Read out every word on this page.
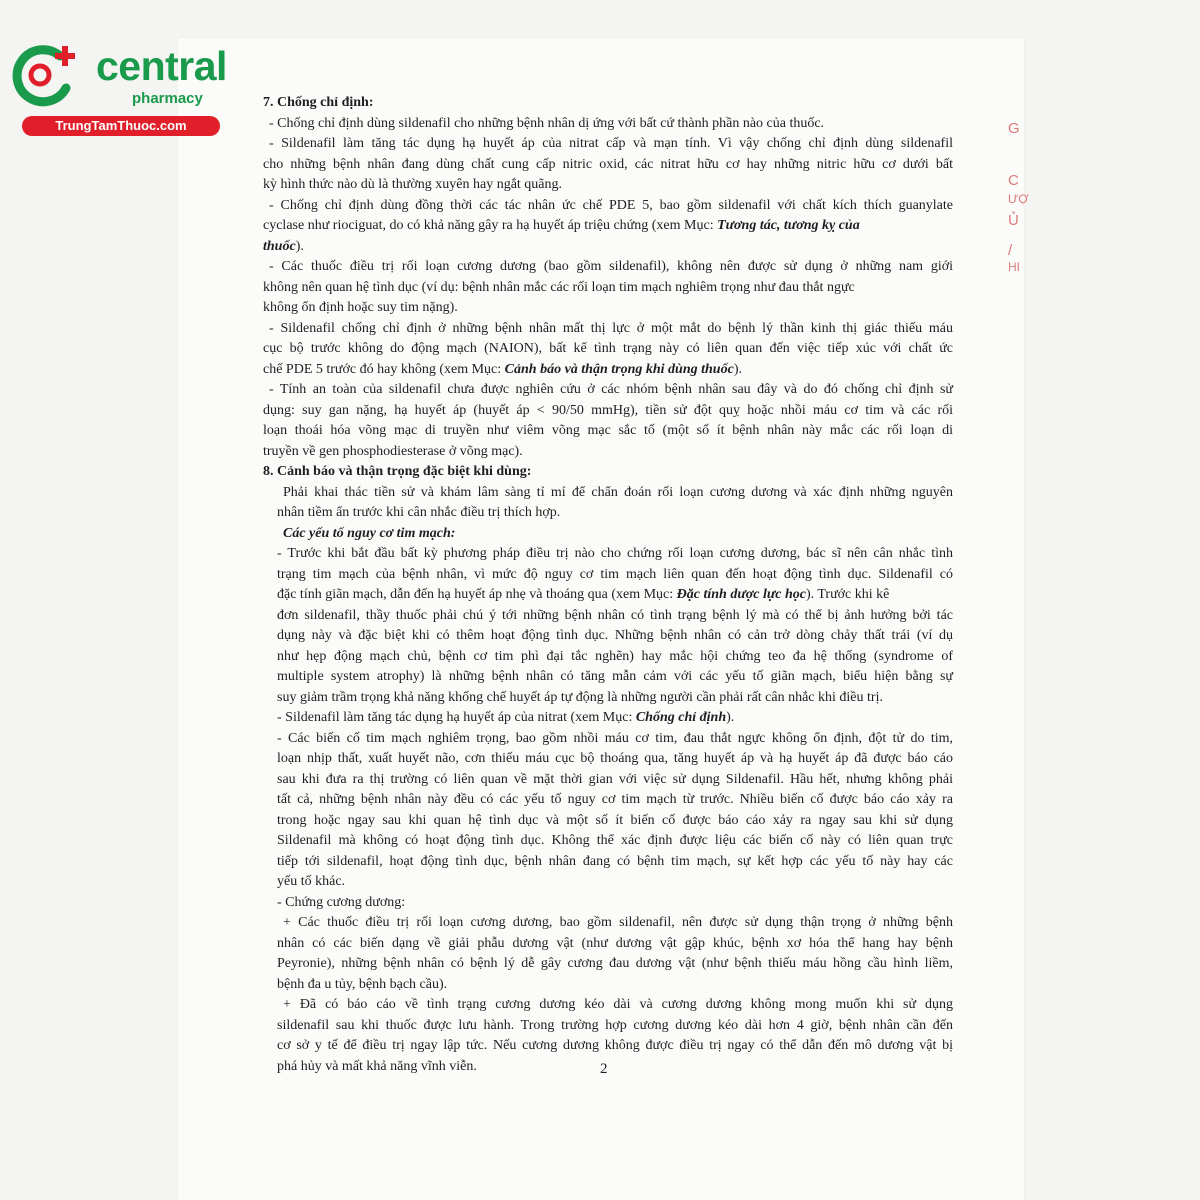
central
pharmacy
TrungTamThuoc.com	G
C
ƯỢ
Ủ
/
HI
7. Chống chỉ định:
- Chống chỉ định dùng sildenafil cho những bệnh nhân dị ứng với bất cứ thành phần nào của thuốc.
- Sildenafil làm tăng tác dụng hạ huyết áp của nitrat cấp và mạn tính. Vì vậy chống chỉ định dùng sildenafil
cho những bệnh nhân đang dùng chất cung cấp nitric oxid, các nitrat hữu cơ hay những nitric hữu cơ dưới bất
kỳ hình thức nào dù là thường xuyên hay ngắt quãng.
- Chống chỉ định dùng đồng thời các tác nhân ức chế PDE 5, bao gồm sildenafil với chất kích thích guanylate
cyclase như riociguat, do có khả năng gây ra hạ huyết áp triệu chứng (xem Mục: Tương tác, tương kỵ của
thuốc).
- Các thuốc điều trị rối loạn cương dương (bao gồm sildenafil), không nên được sử dụng ở những nam giới
không nên quan hệ tình dục (ví dụ: bệnh nhân mắc các rối loạn tim mạch nghiêm trọng như đau thắt ngực
không ổn định hoặc suy tim nặng).
- Sildenafil chống chỉ định ở những bệnh nhân mất thị lực ở một mắt do bệnh lý thần kinh thị giác thiếu máu
cục bộ trước không do động mạch (NAION), bất kể tình trạng này có liên quan đến việc tiếp xúc với chất ức
chế PDE 5 trước đó hay không (xem Mục: Cảnh báo và thận trọng khi dùng thuốc).
- Tính an toàn của sildenafil chưa được nghiên cứu ở các nhóm bệnh nhân sau đây và do đó chống chỉ định sử
dụng: suy gan nặng, hạ huyết áp (huyết áp < 90/50 mmHg), tiền sử đột quỵ hoặc nhồi máu cơ tim và các rối
loạn thoái hóa võng mạc di truyền như viêm võng mạc sắc tố (một số ít bệnh nhân này mắc các rối loạn di
truyền về gen phosphodiesterase ở võng mạc).
8. Cảnh báo và thận trọng đặc biệt khi dùng:
Phải khai thác tiền sử và khám lâm sàng tỉ mỉ để chẩn đoán rối loạn cương dương và xác định những nguyên
nhân tiềm ẩn trước khi cân nhắc điều trị thích hợp.
Các yếu tố nguy cơ tim mạch:
- Trước khi bắt đầu bất kỳ phương pháp điều trị nào cho chứng rối loạn cương dương, bác sĩ nên cân nhắc tình
trạng tim mạch của bệnh nhân, vì mức độ nguy cơ tim mạch liên quan đến hoạt động tình dục. Sildenafil có
đặc tính giãn mạch, dẫn đến hạ huyết áp nhẹ và thoáng qua (xem Mục: Đặc tính dược lực học). Trước khi kê
đơn sildenafil, thầy thuốc phải chú ý tới những bệnh nhân có tình trạng bệnh lý mà có thể bị ảnh hưởng bởi tác
dụng này và đặc biệt khi có thêm hoạt động tình dục. Những bệnh nhân có cản trở dòng chảy thất trái (ví dụ
như hẹp động mạch chủ, bệnh cơ tim phì đại tắc nghẽn) hay mắc hội chứng teo đa hệ thống (syndrome of
multiple system atrophy) là những bệnh nhân có tăng mẫn cảm với các yếu tố giãn mạch, biểu hiện bằng sự
suy giảm trầm trọng khả năng khống chế huyết áp tự động là những người cần phải rất cân nhắc khi điều trị.
- Sildenafil làm tăng tác dụng hạ huyết áp của nitrat (xem Mục: Chống chỉ định).
- Các biến cố tim mạch nghiêm trọng, bao gồm nhồi máu cơ tim, đau thắt ngực không ổn định, đột tử do tim,
loạn nhịp thất, xuất huyết não, cơn thiếu máu cục bộ thoáng qua, tăng huyết áp và hạ huyết áp đã được báo cáo
sau khi đưa ra thị trường có liên quan về mặt thời gian với việc sử dụng Sildenafil. Hầu hết, nhưng không phải
tất cả, những bệnh nhân này đều có các yếu tố nguy cơ tim mạch từ trước. Nhiều biến cố được báo cáo xảy ra
trong hoặc ngay sau khi quan hệ tình dục và một số ít biến cố được báo cáo xảy ra ngay sau khi sử dụng
Sildenafil mà không có hoạt động tình dục. Không thể xác định được liệu các biến cố này có liên quan trực
tiếp tới sildenafil, hoạt động tình dục, bệnh nhân đang có bệnh tim mạch, sự kết hợp các yếu tố này hay các
yếu tố khác.
- Chứng cương dương:
+ Các thuốc điều trị rối loạn cương dương, bao gồm sildenafil, nên được sử dụng thận trọng ở những bệnh
nhân có các biến dạng về giải phẫu dương vật (như dương vật gập khúc, bệnh xơ hóa thể hang hay bệnh
Peyronie), những bệnh nhân có bệnh lý dễ gây cương đau dương vật (như bệnh thiếu máu hồng cầu hình liềm,
bệnh đa u tủy, bệnh bạch cầu).
+ Đã có báo cáo về tình trạng cương dương kéo dài và cương dương không mong muốn khi sử dụng
sildenafil sau khi thuốc được lưu hành. Trong trường hợp cương dương kéo dài hơn 4 giờ, bệnh nhân cần đến
cơ sở y tế để điều trị ngay lập tức. Nếu cương dương không được điều trị ngay có thể dẫn đến mô dương vật bị
phá hủy và mất khả năng vĩnh viễn.	2
